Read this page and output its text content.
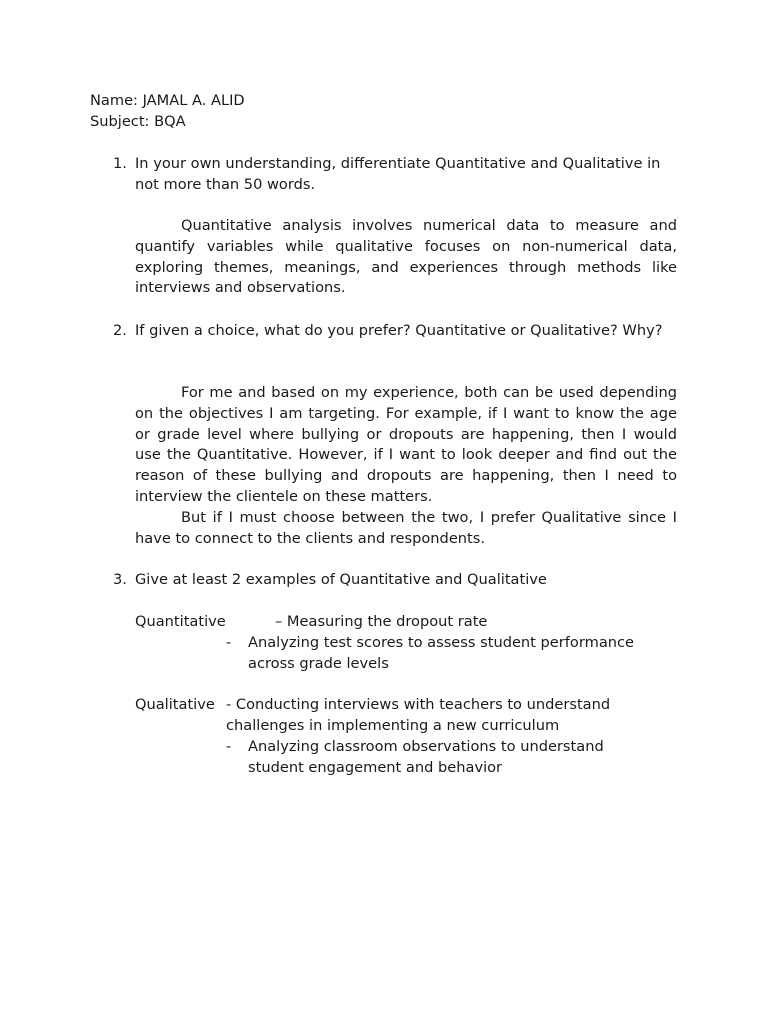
Name: JAMAL A. ALID
Subject: BQA
1. In your own understanding, differentiate Quantitative and Qualitative in not more than 50 words.

Quantitative analysis involves numerical data to measure and quantify variables while qualitative focuses on non-numerical data, exploring themes, meanings, and experiences through methods like interviews and observations.

2. If given a choice, what do you prefer? Quantitative or Qualitative? Why?

For me and based on my experience, both can be used depending on the objectives I am targeting. For example, if I want to know the age or grade level where bullying or dropouts are happening, then I would use the Quantitative. However, if I want to look deeper and find out the reason of these bullying and dropouts are happening, then I need to interview the clientele on these matters.

But if I must choose between the two, I prefer Qualitative since I have to connect to the clients and respondents.

3. Give at least 2 examples of Quantitative and Qualitative
Quantitative	– Measuring the dropout rate
- Analyzing test scores to assess student performance
across grade levels
Qualitative - Conducting interviews with teachers to understand
challenges in implementing a new curriculum
- Analyzing classroom observations to understand
student engagement and behavior
